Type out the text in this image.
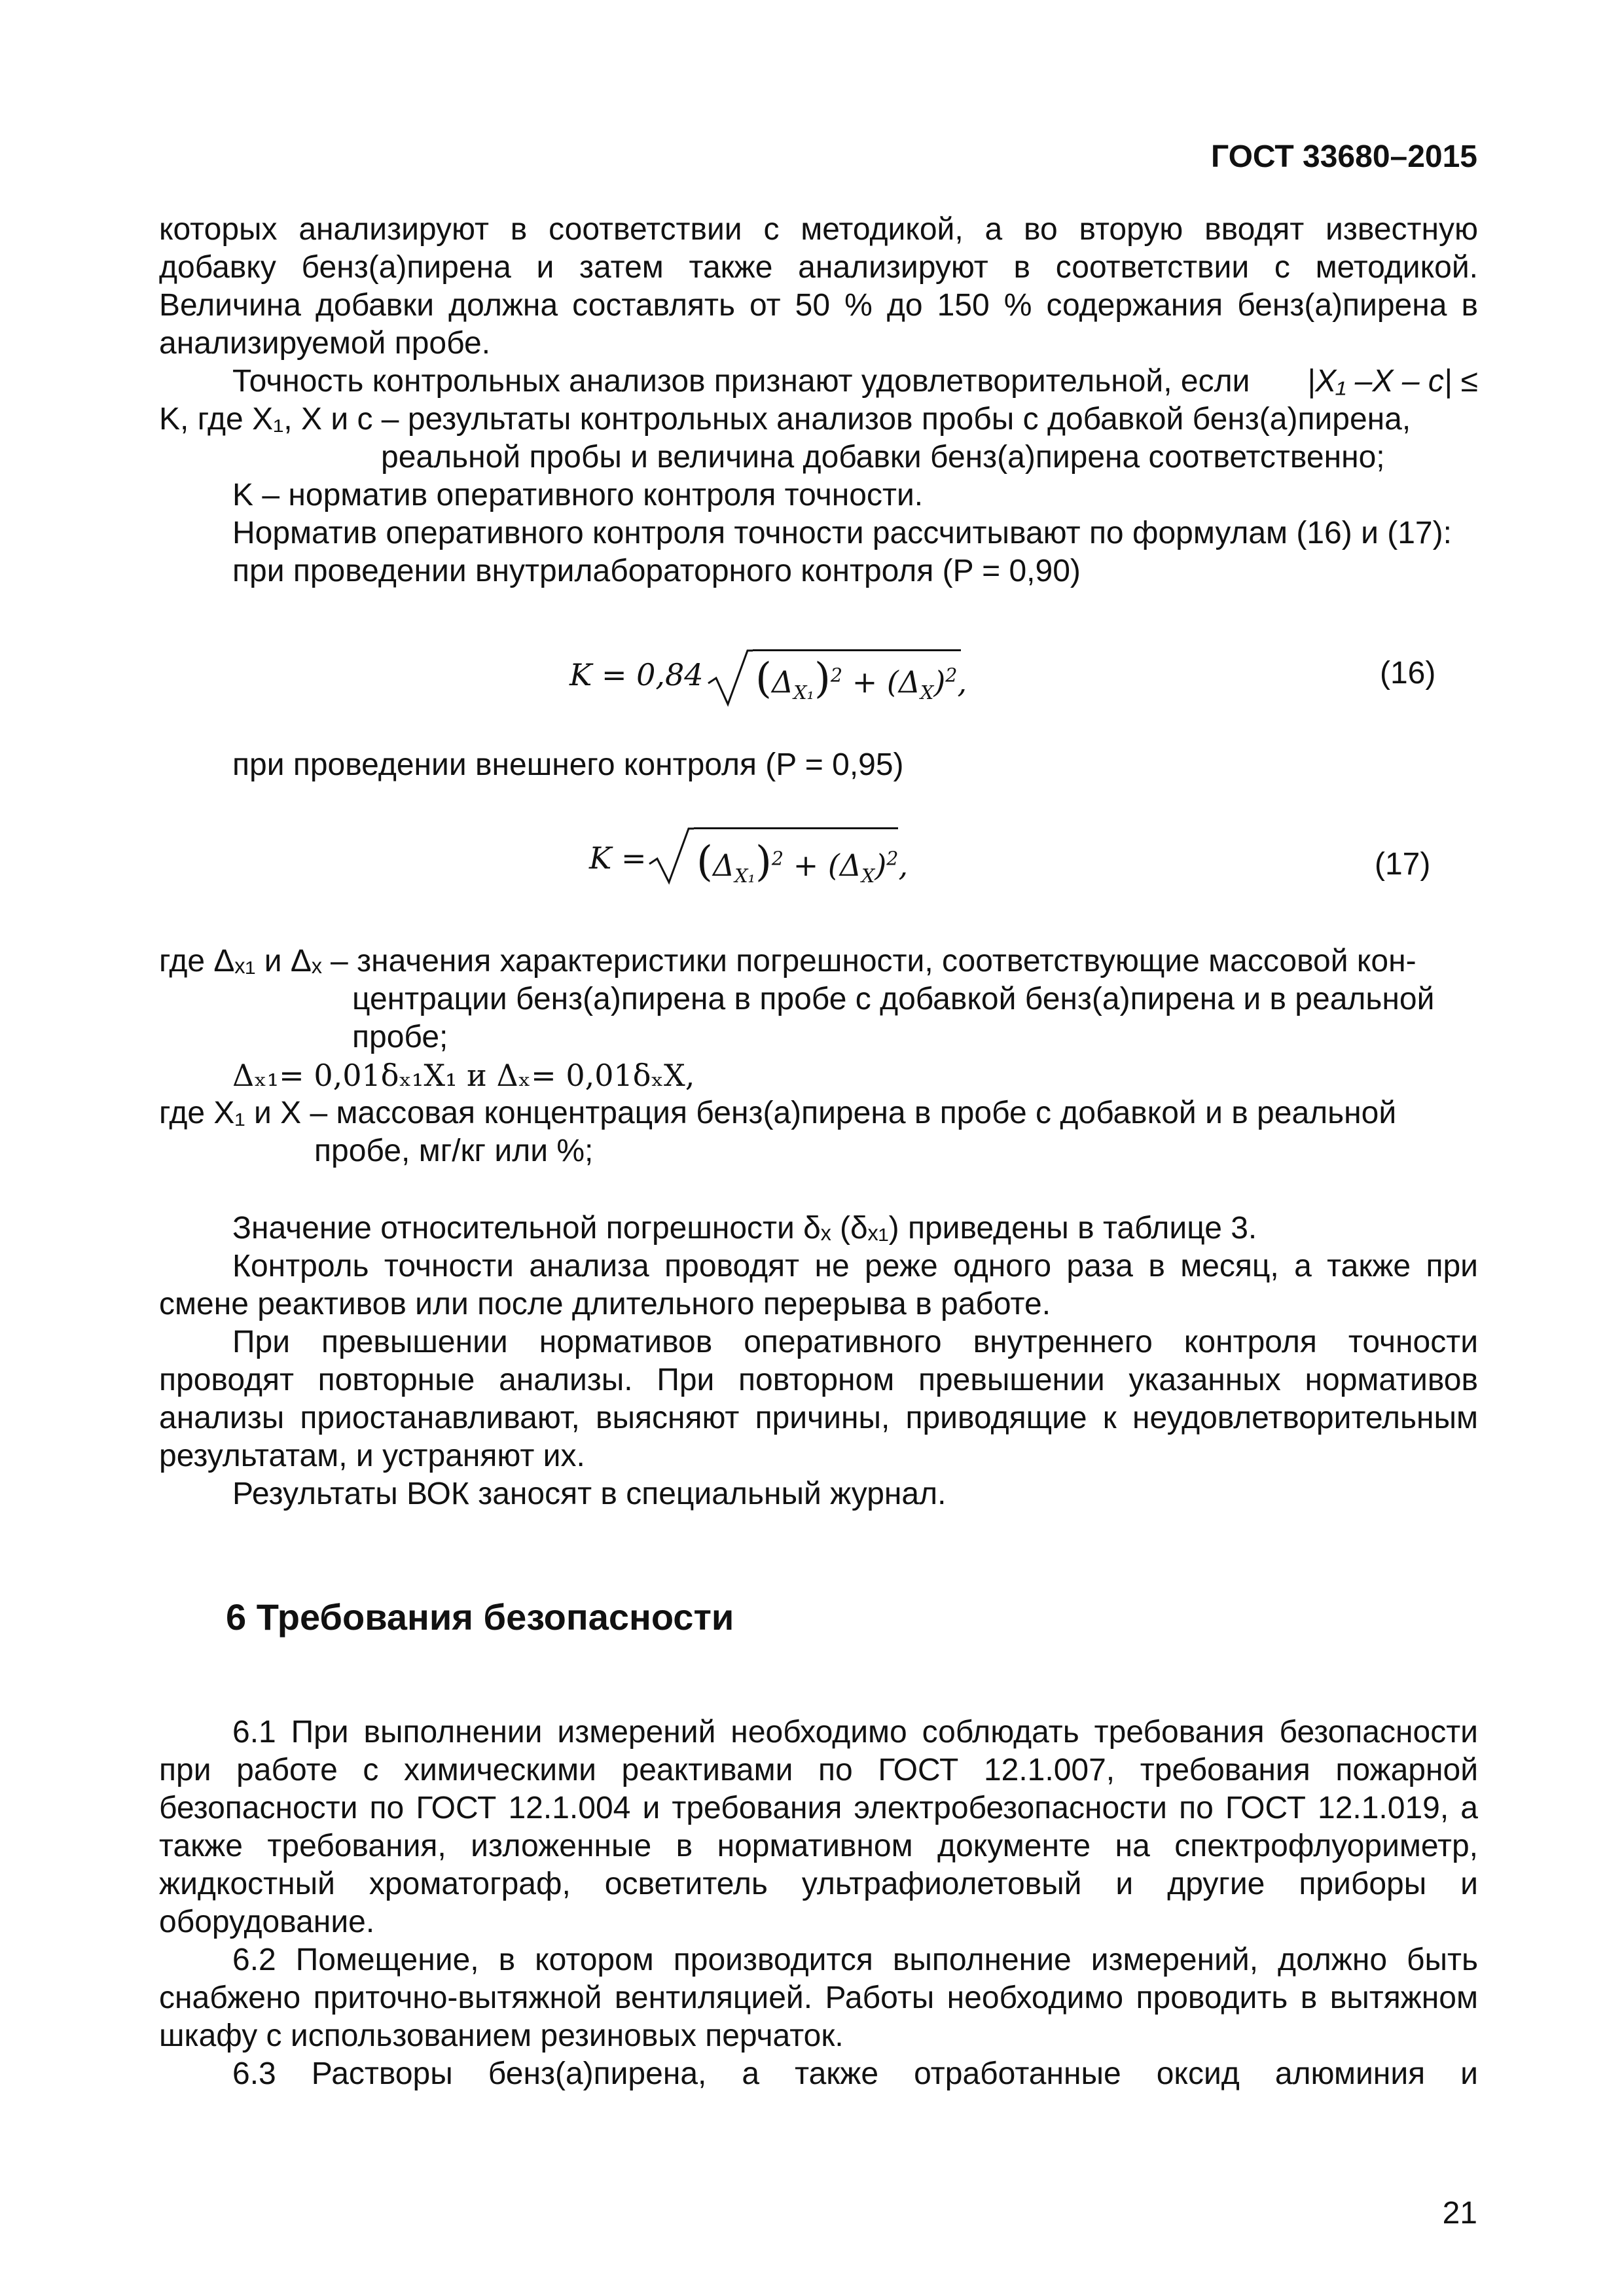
ГОСТ 33680–2015
которых анализируют в соответствии с методикой, а во вторую вводят известную
добавку бенз(а)пирена и затем также анализируют в соответствии с методикой.
Величина добавки должна составлять от 50 % до 150 % содержания бенз(а)пирена в
анализируемой пробе.
Точность контрольных анализов признают удовлетворительной, если |X₁ –X – c| ≤
K, где X₁, X и c – результаты контрольных анализов пробы с добавкой бенз(а)пирена,
реальной пробы и величина добавки бенз(а)пирена соответственно;
K – норматив оперативного контроля точности.
Норматив оперативного контроля точности рассчитывают по формулам (16) и (17):
при проведении внутрилабораторного контроля (P = 0,90)
K = 0,84 $(\Delta_{X_1})^2 + (\Delta_X)^2$,	(16)
при проведении внешнего контроля (P = 0,95)
$K = (\Delta_{X_1})^2 + (\Delta_X)^2$,	(17)
где Δₓ₁ и Δₓ – значения характеристики погрешности, соответствующие массовой кон-
центрации бенз(а)пирена в пробе с добавкой бенз(а)пирена и в реальной
пробе;
Δₓ₁= 0,01δₓ₁X₁ и Δₓ= 0,01δₓX,
где X₁ и X – массовая концентрация бенз(а)пирена в пробе с добавкой и в реальной
пробе, мг/кг или %;
Значение относительной погрешности δₓ (δₓ₁) приведены в таблице 3.
Контроль точности анализа проводят не реже одного раза в месяц, а также при
смене реактивов или после длительного перерыва в работе.
При превышении нормативов оперативного внутреннего контроля точности
проводят повторные анализы. При повторном превышении указанных нормативов
анализы приостанавливают, выясняют причины, приводящие к неудовлетворительным
результатам, и устраняют их.
Результаты ВОК заносят в специальный журнал.
6 Требования безопасности
6.1 При выполнении измерений необходимо соблюдать требования безопасности
при работе с химическими реактивами по ГОСТ 12.1.007, требования пожарной
безопасности по ГОСТ 12.1.004 и требования электробезопасности по ГОСТ 12.1.019, а
также требования, изложенные в нормативном документе на спектрофлуориметр,
жидкостный хроматограф, осветитель ультрафиолетовый и другие приборы и
оборудование.
6.2 Помещение, в котором производится выполнение измерений, должно быть
снабжено приточно-вытяжной вентиляцией. Работы необходимо проводить в вытяжном
шкафу с использованием резиновых перчаток.
6.3 Растворы бенз(а)пирена, а также отработанные оксид алюминия и
21
